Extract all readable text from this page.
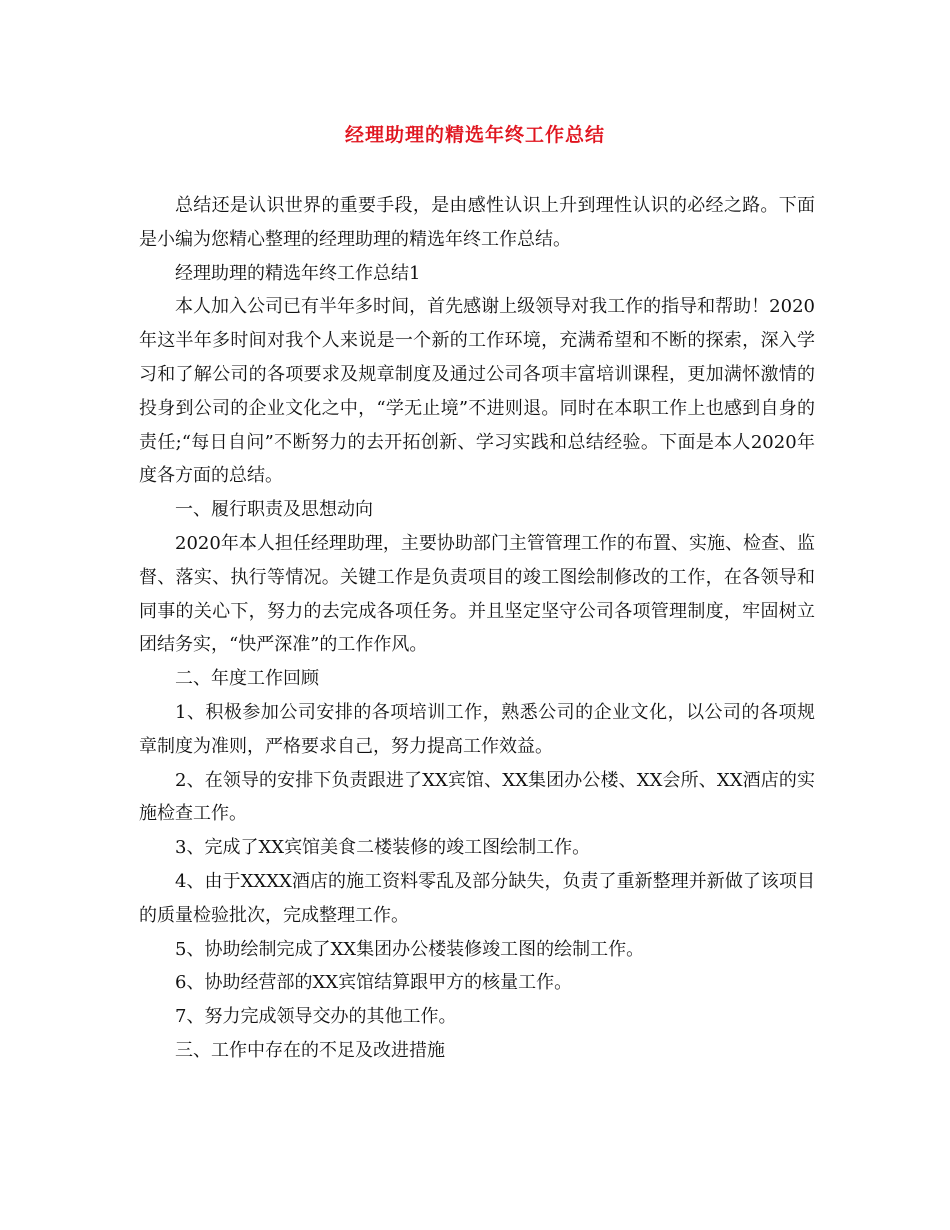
经理助理的精选年终工作总结

总结还是认识世界的重要手段，是由感性认识上升到理性认识的必经之路。下面是小编为您精心整理的经理助理的精选年终工作总结。

经理助理的精选年终工作总结1

本人加入公司已有半年多时间，首先感谢上级领导对我工作的指导和帮助！2020年这半年多时间对我个人来说是一个新的工作环境，充满希望和不断的探索，深入学习和了解公司的各项要求及规章制度及通过公司各项丰富培训课程，更加满怀激情的投身到公司的企业文化之中，“学无止境”不进则退。同时在本职工作上也感到自身的责任;“每日自问”不断努力的去开拓创新、学习实践和总结经验。下面是本人2020年度各方面的总结。

一、履行职责及思想动向

2020年本人担任经理助理，主要协助部门主管管理工作的布置、实施、检查、监督、落实、执行等情况。关键工作是负责项目的竣工图绘制修改的工作，在各领导和同事的关心下，努力的去完成各项任务。并且坚定坚守公司各项管理制度，牢固树立团结务实，“快严深准”的工作作风。

二、年度工作回顾

1、积极参加公司安排的各项培训工作，熟悉公司的企业文化，以公司的各项规章制度为准则，严格要求自己，努力提高工作效益。

2、在领导的安排下负责跟进了XX宾馆、XX集团办公楼、XX会所、XX酒店的实施检查工作。

3、完成了XX宾馆美食二楼装修的竣工图绘制工作。

4、由于XXXX酒店的施工资料零乱及部分缺失，负责了重新整理并新做了该项目的质量检验批次，完成整理工作。

5、协助绘制完成了XX集团办公楼装修竣工图的绘制工作。

6、协助经营部的XX宾馆结算跟甲方的核量工作。

7、努力完成领导交办的其他工作。

三、工作中存在的不足及改进措施
